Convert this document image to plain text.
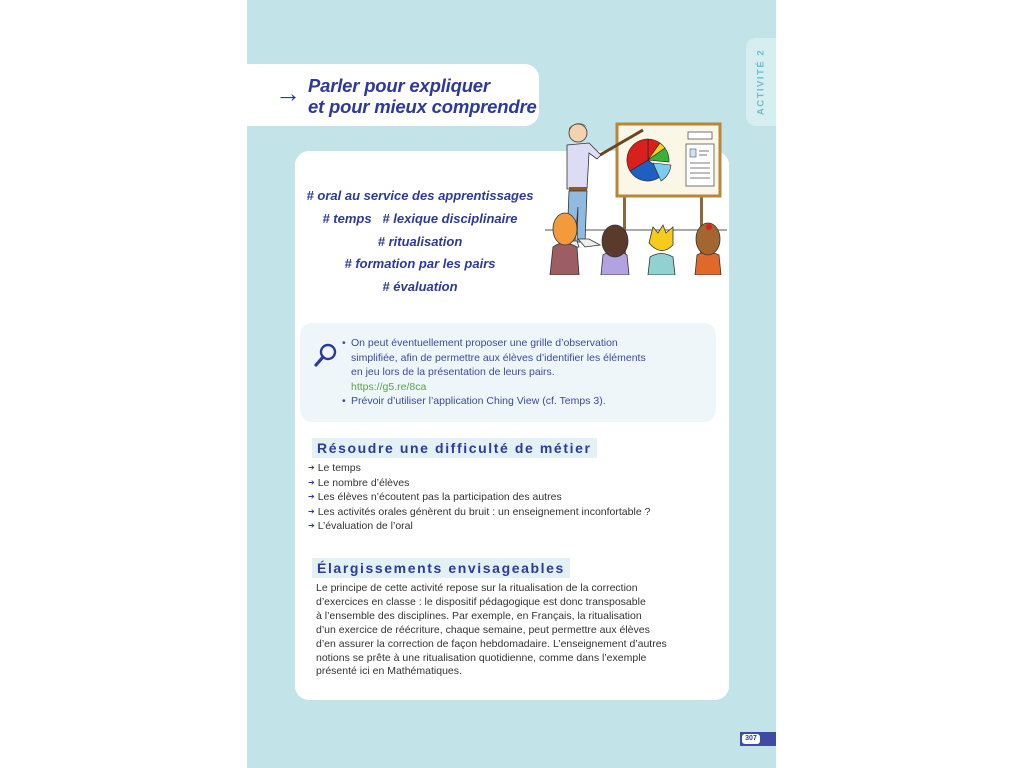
ACTIVITÉ 2
→ Parler pour expliquer
et pour mieux comprendre
# oral au service des apprentissages
# temps   # lexique disciplinaire
# ritualisation
# formation par les pairs
# évaluation
• On peut éventuellement proposer une grille d’observation
simplifiée, afin de permettre aux élèves d’identifier les éléments
en jeu lors de la présentation de leurs pairs.
https://g5.re/8ca
• Prévoir d’utiliser l’application Ching View (cf. Temps 3).
Résoudre une difficulté de métier
Élargissements envisageables
307
➔ Le temps
➔ Le nombre d’élèves
➔ Les élèves n’écoutent pas la participation des autres
➔ Les activités orales génèrent du bruit : un enseignement inconfortable ?
➔ L’évaluation de l’oral
Le principe de cette activité repose sur la ritualisation de la correction
d’exercices en classe : le dispositif pédagogique est donc transposable
à l’ensemble des disciplines. Par exemple, en Français, la ritualisation
d’un exercice de réécriture, chaque semaine, peut permettre aux élèves
d’en assurer la correction de façon hebdomadaire. L’enseignement d’autres
notions se prête à une ritualisation quotidienne, comme dans l’exemple
présenté ici en Mathématiques.
